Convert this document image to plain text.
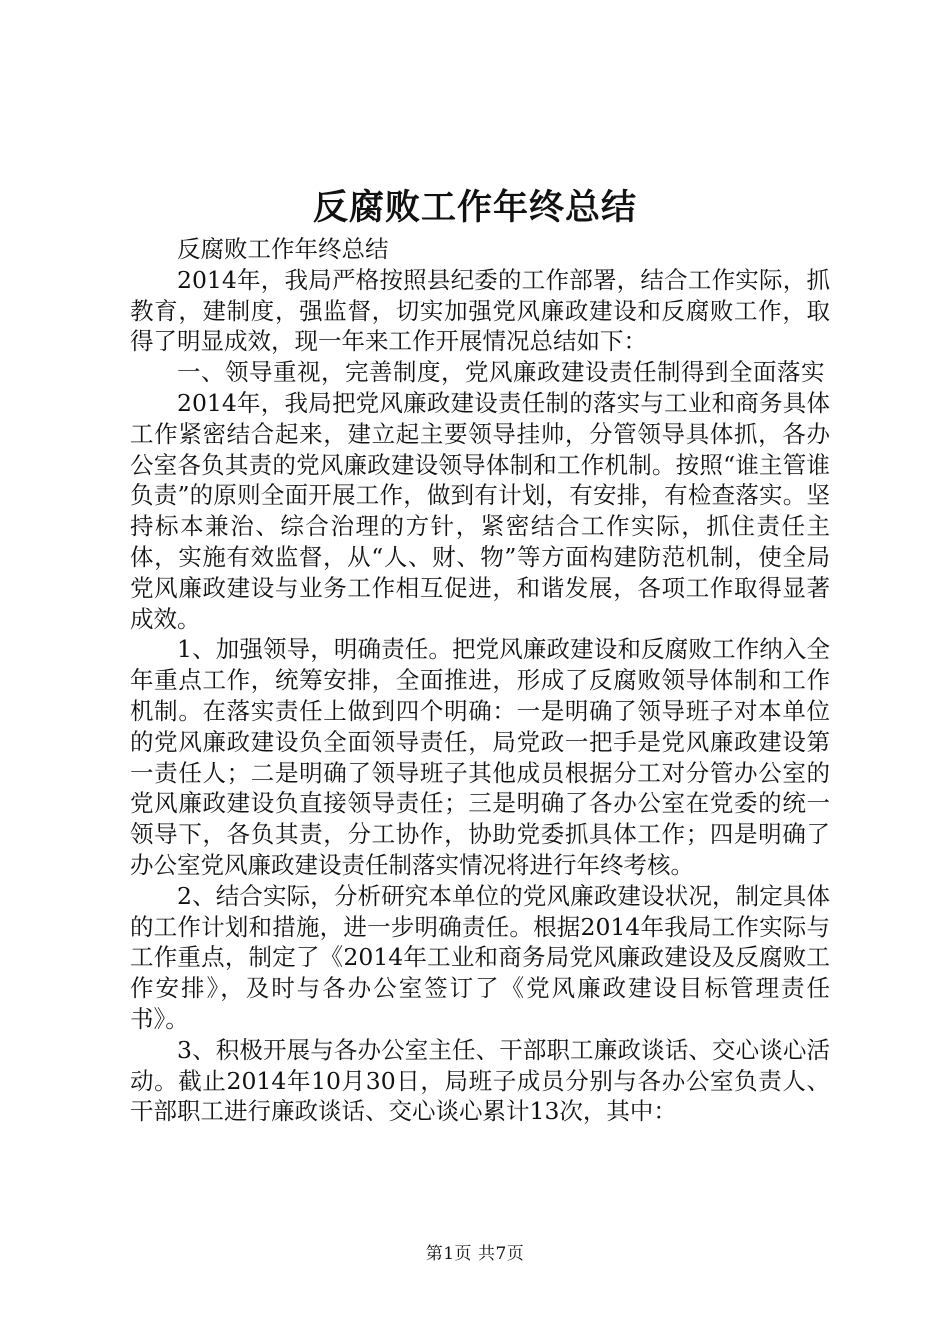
反腐败工作年终总结

反腐败工作年终总结

2014年，我局严格按照县纪委的工作部署，结合工作实际，抓教育，建制度，强监督，切实加强党风廉政建设和反腐败工作，取得了明显成效，现一年来工作开展情况总结如下：

一、领导重视，完善制度，党风廉政建设责任制得到全面落实

2014年，我局把党风廉政建设责任制的落实与工业和商务具体工作紧密结合起来，建立起主要领导挂帅，分管领导具体抓，各办公室各负其责的党风廉政建设领导体制和工作机制。按照“谁主管谁负责”的原则全面开展工作，做到有计划，有安排，有检查落实。坚持标本兼治、综合治理的方针，紧密结合工作实际，抓住责任主体，实施有效监督，从“人、财、物”等方面构建防范机制，使全局党风廉政建设与业务工作相互促进，和谐发展，各项工作取得显著成效。

1、加强领导，明确责任。把党风廉政建设和反腐败工作纳入全年重点工作，统筹安排，全面推进，形成了反腐败领导体制和工作机制。在落实责任上做到四个明确：一是明确了领导班子对本单位的党风廉政建设负全面领导责任，局党政一把手是党风廉政建设第一责任人；二是明确了领导班子其他成员根据分工对分管办公室的党风廉政建设负直接领导责任；三是明确了各办公室在党委的统一领导下，各负其责，分工协作，协助党委抓具体工作；四是明确了办公室党风廉政建设责任制落实情况将进行年终考核。

2、结合实际，分析研究本单位的党风廉政建设状况，制定具体的工作计划和措施，进一步明确责任。根据2014年我局工作实际与工作重点，制定了《2014年工业和商务局党风廉政建设及反腐败工作安排》，及时与各办公室签订了《党风廉政建设目标管理责任书》。

3、积极开展与各办公室主任、干部职工廉政谈话、交心谈心活动。截止2014年10月30日，局班子成员分别与各办公室负责人、干部职工进行廉政谈话、交心谈心累计13次，其中：

第1页 共7页
